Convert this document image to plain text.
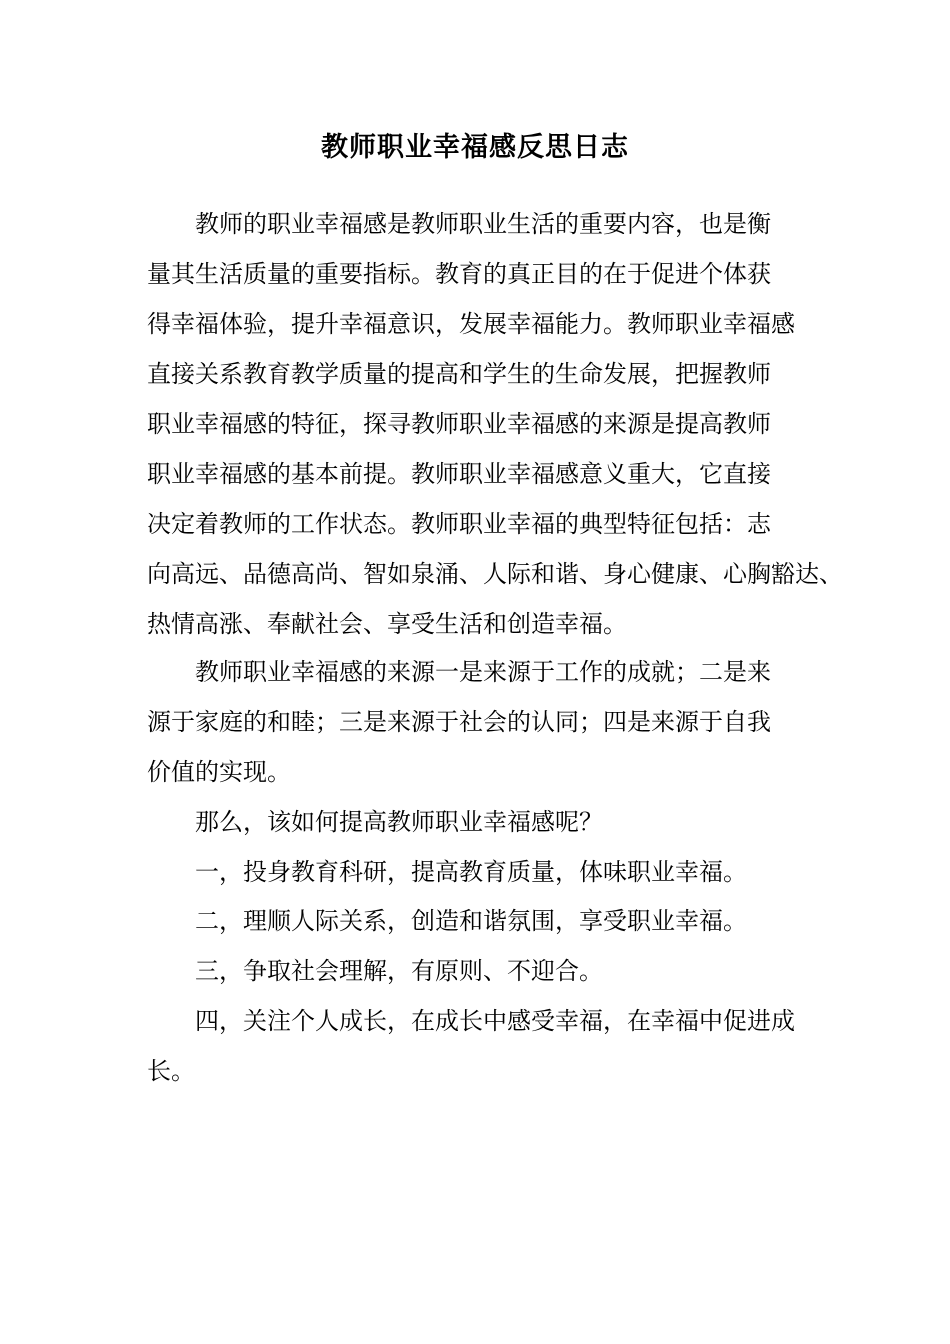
教师职业幸福感反思日志

教师的职业幸福感是教师职业生活的重要内容，也是衡
量其生活质量的重要指标。教育的真正目的在于促进个体获
得幸福体验，提升幸福意识，发展幸福能力。教师职业幸福感
直接关系教育教学质量的提高和学生的生命发展，把握教师
职业幸福感的特征，探寻教师职业幸福感的来源是提高教师
职业幸福感的基本前提。教师职业幸福感意义重大，它直接
决定着教师的工作状态。教师职业幸福的典型特征包括：志
向高远、品德高尚、智如泉涌、人际和谐、身心健康、心胸豁达、
热情高涨、奉献社会、享受生活和创造幸福。

教师职业幸福感的来源一是来源于工作的成就；二是来
源于家庭的和睦；三是来源于社会的认同；四是来源于自我
价值的实现。

那么，该如何提高教师职业幸福感呢？

一，投身教育科研，提高教育质量，体味职业幸福。

二，理顺人际关系，创造和谐氛围，享受职业幸福。

三，争取社会理解，有原则、不迎合。

四，关注个人成长，在成长中感受幸福，在幸福中促进成
长。
